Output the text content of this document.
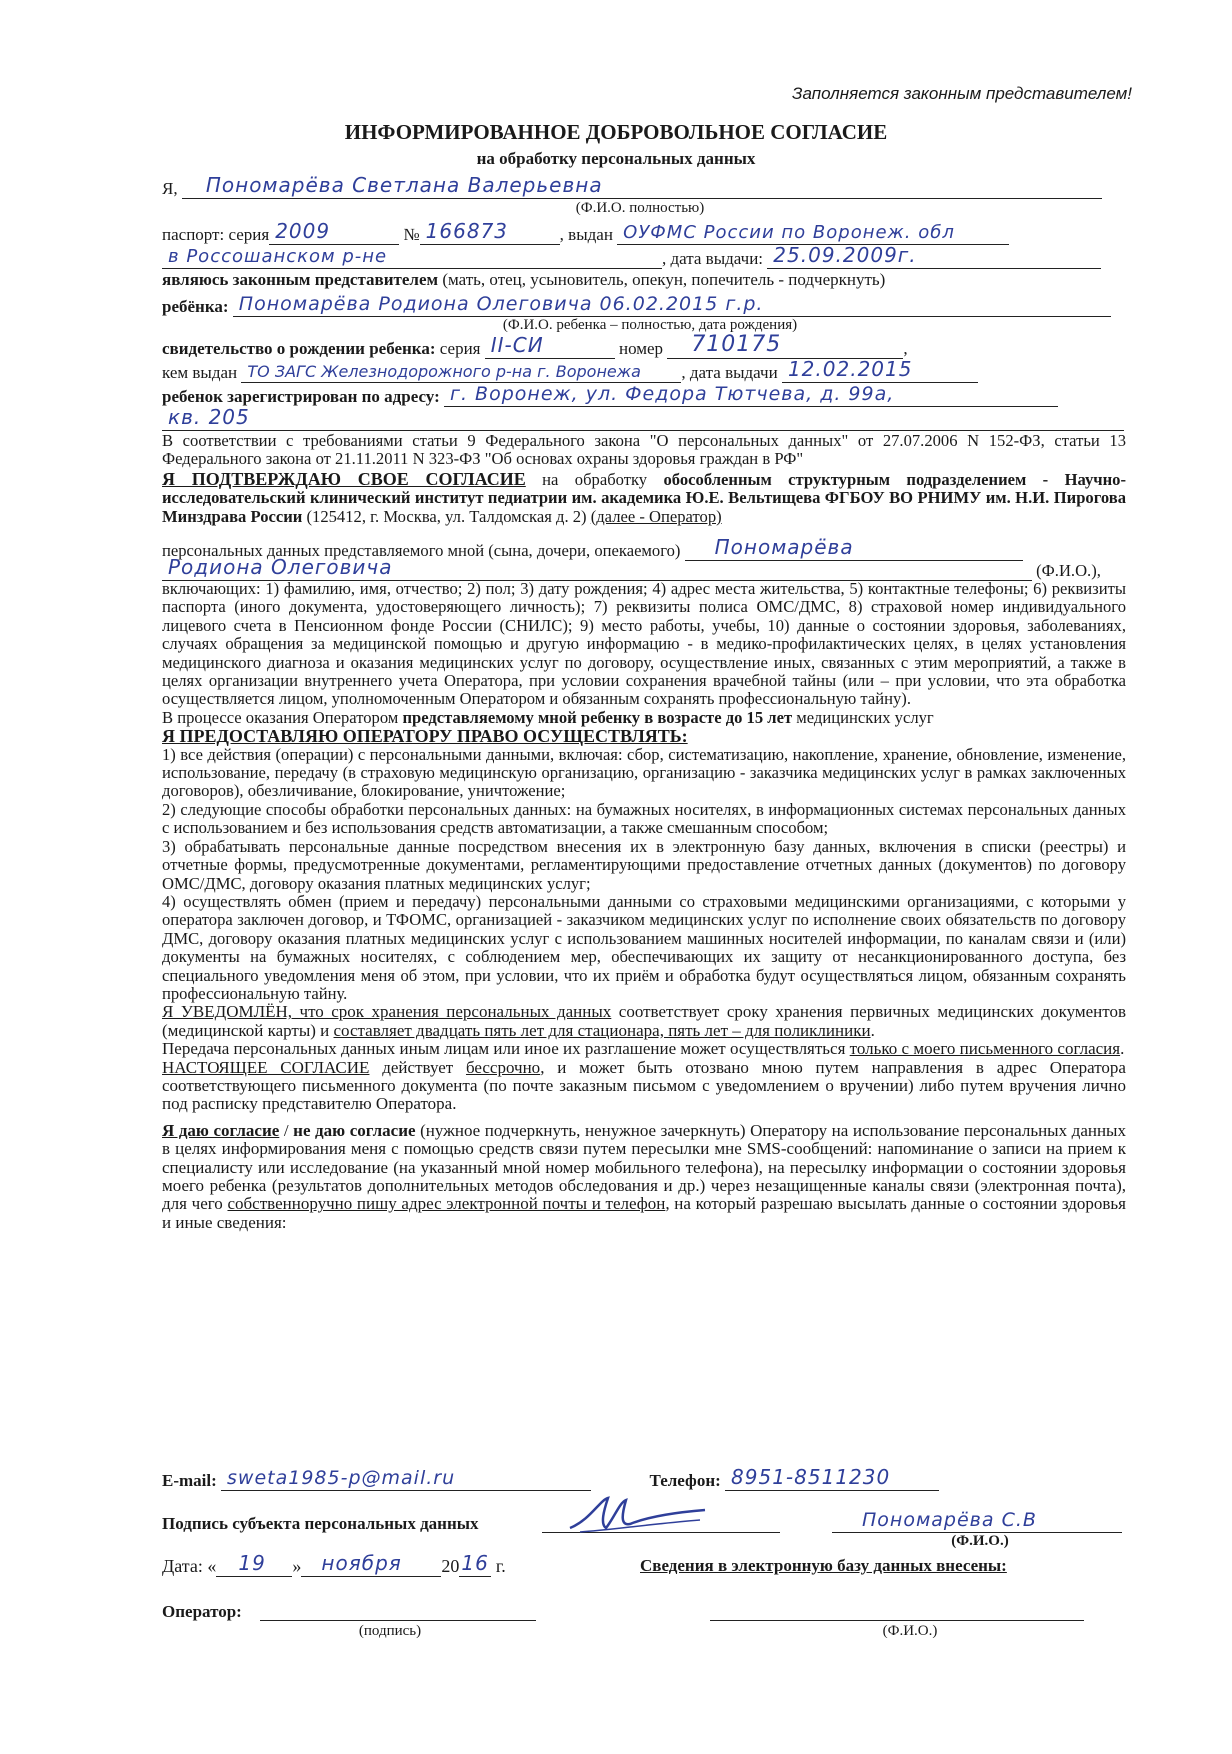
Заполняется законным представителем!
ИНФОРМИРОВАННОЕ ДОБРОВОЛЬНОЕ СОГЛАСИЕ
на обработку персональных данных
Я, Пономарёва Светлана Валерьевна
(Ф.И.О. полностью)
паспорт: серия 2009	№ 166873	, выдан ОУФМС России по Воронеж. обл
в Россошанском р-не	, дата выдачи: 25.09.2009г.
являюсь законным представителем (мать, отец, усыновитель, опекун, попечитель - подчеркнуть)
ребёнка: Пономарёва Родиона Олеговича 06.02.2015 г.р.
(Ф.И.О. ребенка – полностью, дата рождения)
свидетельство о рождении ребенка: серия II-СИ	номер 710175	,
кем выдан ТО ЗАГС Железнодорожного р-на г. Воронежа , дата выдачи 12.02.2015
ребенок зарегистрирован по адресу: г. Воронеж, ул. Федора Тютчева, д. 99а,
кв. 205

В соответствии с требованиями статьи 9 Федерального закона "О персональных данных" от 27.07.2006 N 152-ФЗ, статьи 13 Федерального закона от 21.11.2011 N 323-ФЗ "Об основах охраны здоровья граждан в РФ"

Я ПОДТВЕРЖДАЮ СВОЕ СОГЛАСИЕ на обработку обособленным структурным подразделением - Научно-исследовательский клинический институт педиатрии им. академика Ю.Е. Вельтищева ФГБОУ ВО РНИМУ им. Н.И. Пирогова Минздрава России (125412, г. Москва, ул. Талдомская д. 2) (далее - Оператор)

персональных данных представляемого мной (сына, дочери, опекаемого) Пономарёва
Родиона Олеговича	(Ф.И.О.),

включающих: 1) фамилию, имя, отчество; 2) пол; 3) дату рождения; 4) адрес места жительства, 5) контактные телефоны; 6) реквизиты паспорта (иного документа, удостоверяющего личность); 7) реквизиты полиса ОМС/ДМС, 8) страховой номер индивидуального лицевого счета в Пенсионном фонде России (СНИЛС); 9) место работы, учебы, 10) данные о состоянии здоровья, заболеваниях, случаях обращения за медицинской помощью и другую информацию - в медико-профилактических целях, в целях установления медицинского диагноза и оказания медицинских услуг по договору, осуществление иных, связанных с этим мероприятий, а также в целях организации внутреннего учета Оператора, при условии сохранения врачебной тайны (или – при условии, что эта обработка осуществляется лицом, уполномоченным Оператором и обязанным сохранять профессиональную тайну).

В процессе оказания Оператором представляемому мной ребенку в возрасте до 15 лет медицинских услуг

Я ПРЕДОСТАВЛЯЮ ОПЕРАТОРУ ПРАВО ОСУЩЕСТВЛЯТЬ:

1) все действия (операции) с персональными данными, включая: сбор, систематизацию, накопление, хранение, обновление, изменение, использование, передачу (в страховую медицинскую организацию, организацию - заказчика медицинских услуг в рамках заключенных договоров), обезличивание, блокирование, уничтожение;

2) следующие способы обработки персональных данных: на бумажных носителях, в информационных системах персональных данных с использованием и без использования средств автоматизации, а также смешанным способом;

3) обрабатывать персональные данные посредством внесения их в электронную базу данных, включения в списки (реестры) и отчетные формы, предусмотренные документами, регламентирующими предоставление отчетных данных (документов) по договору ОМС/ДМС, договору оказания платных медицинских услуг;

4) осуществлять обмен (прием и передачу) персональными данными со страховыми медицинскими организациями, с которыми у оператора заключен договор, и ТФОМС, организацией - заказчиком медицинских услуг по исполнение своих обязательств по договору ДМС, договору оказания платных медицинских услуг с использованием машинных носителей информации, по каналам связи и (или) документы на бумажных носителях, с соблюдением мер, обеспечивающих их защиту от несанкционированного доступа, без специального уведомления меня об этом, при условии, что их приём и обработка будут осуществляться лицом, обязанным сохранять профессиональную тайну.

Я УВЕДОМЛЁН, что срок хранения персональных данных соответствует сроку хранения первичных медицинских документов (медицинской карты) и составляет двадцать пять лет для стационара, пять лет – для поликлиники.

Передача персональных данных иным лицам или иное их разглашение может осуществляться только с моего письменного согласия.

НАСТОЯЩЕЕ СОГЛАСИЕ действует бессрочно, и может быть отозвано мною путем направления в адрес Оператора соответствующего письменного документа (по почте заказным письмом с уведомлением о вручении) либо путем вручения лично под расписку представителю Оператора.

Я даю согласие / не даю согласие (нужное подчеркнуть, ненужное зачеркнуть) Оператору на использование персональных данных в целях информирования меня с помощью средств связи путем пересылки мне SMS-сообщений: напоминание о записи на прием к специалисту или исследование (на указанный мной номер мобильного телефона), на пересылку информации о состоянии здоровья моего ребенка (результатов дополнительных методов обследования и др.) через незащищенные каналы связи (электронная почта), для чего собственноручно пишу адрес электронной почты и телефон, на который разрешаю высылать данные о состоянии здоровья и иные сведения:

E-mail: sweta1985-p@mail.ru	Телефон: 8951-8511230
Подпись субъекта персональных данных	Пономарёва С.В
(Ф.И.О.)
Дата: « 19 » ноября 20 16 г.	Сведения в электронную базу данных внесены:
Оператор:
(подпись)	(Ф.И.О.)
